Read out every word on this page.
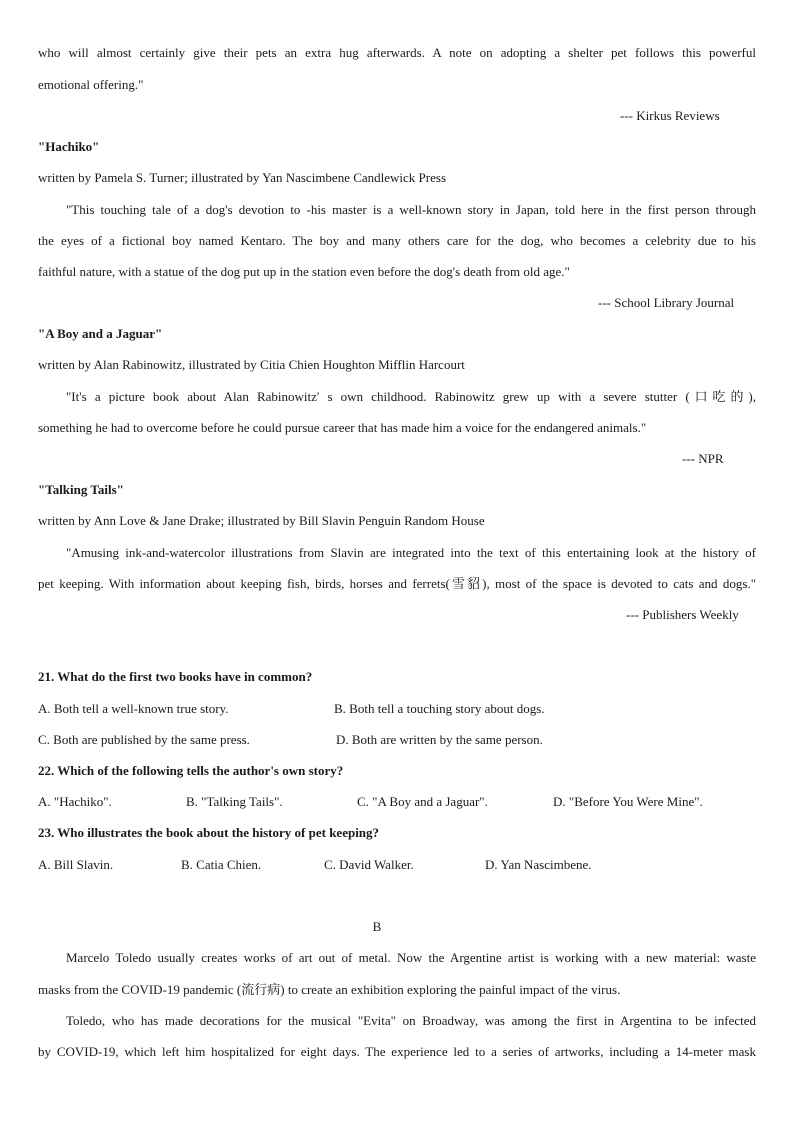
who will almost certainly give their pets an extra hug afterwards. A note on adopting a shelter pet follows this powerful
emotional offering."
--- Kirkus Reviews
"Hachiko"
written by Pamela S. Turner; illustrated by Yan Nascimbene Candlewick Press
"This touching tale of a dog's devotion to -his master is a well-known story in Japan, told here in the first person through
the eyes of a fictional boy named Kentaro. The boy and many others care for the dog, who becomes a celebrity due to his
faithful nature, with a statue of the dog put up in the station even before the dog's death from old age."
--- School Library Journal
"A Boy and a Jaguar"
written by Alan Rabinowitz, illustrated by Citia Chien Houghton Mifflin Harcourt
"It's a picture book about Alan Rabinowitz' s own childhood. Rabinowitz grew up with a severe stutter (口吃的),
something he had to overcome before he could pursue career that has made him a voice for the endangered animals."
--- NPR
"Talking Tails"
written by Ann Love & Jane Drake; illustrated by Bill Slavin Penguin Random House
"Amusing ink-and-watercolor illustrations from Slavin are integrated into the text of this entertaining look at the history of
pet keeping. With information about keeping fish, birds, horses and ferrets(雪貂), most of the space is devoted to cats and dogs."
--- Publishers Weekly
21. What do the first two books have in common?
A. Both tell a well-known true story.	B. Both tell a touching story about dogs.
C. Both are published by the same press.	D. Both are written by the same person.
22. Which of the following tells the author's own story?
A. "Hachiko".	B. "Talking Tails".	C. "A Boy and a Jaguar".	D. "Before You Were Mine".
23. Who illustrates the book about the history of pet keeping?
A. Bill Slavin.	B. Catia Chien.	C. David Walker.	D. Yan Nascimbene.
B
Marcelo Toledo usually creates works of art out of metal. Now the Argentine artist is working with a new material: waste
masks from the COVID-19 pandemic (流行病) to create an exhibition exploring the painful impact of the virus.
Toledo, who has made decorations for the musical "Evita" on Broadway, was among the first in Argentina to be infected
by COVID-19, which left him hospitalized for eight days. The experience led to a series of artworks, including a 14-meter mask
